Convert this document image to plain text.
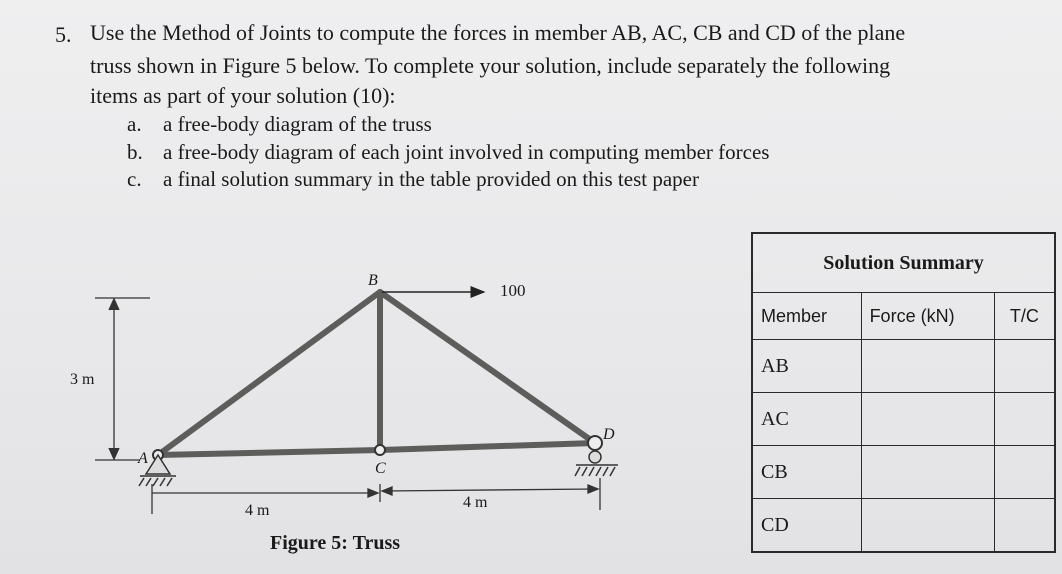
5. Use the Method of Joints to compute the forces in member AB, AC, CB and CD of the plane
truss shown in Figure 5 below. To complete your solution, include separately the following
items as part of your solution (10):
a. a free-body diagram of the truss
b. a free-body diagram of each joint involved in computing member forces
c. a final solution summary in the table provided on this test paper
3 m
A
B
C
D
100
4 m	4 m
Figure 5: Truss
Solution Summary		
Member	Force (kN)	T/C
AB		
AC		
CB		
CD		
